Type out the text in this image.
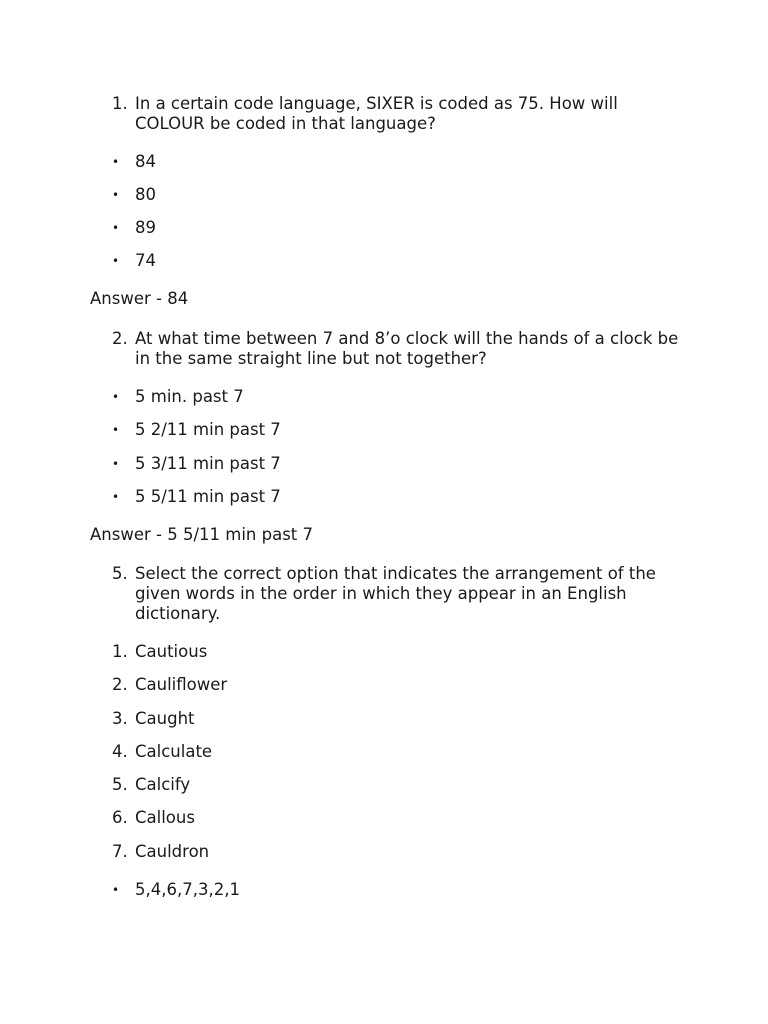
1. In a certain code language, SIXER is coded as 75. How will COLOUR be coded in that language?
• 84
• 80
• 89
• 74
Answer - 84
2. At what time between 7 and 8’o clock will the hands of a clock be in the same straight line but not together?
• 5 min. past 7
• 5 2/11 min past 7
• 5 3/11 min past 7
• 5 5/11 min past 7
Answer - 5 5/11 min past 7
5. Select the correct option that indicates the arrangement of the given words in the order in which they appear in an English dictionary.
1. Cautious
2. Cauliflower
3. Caught
4. Calculate
5. Calcify
6. Callous
7. Cauldron
• 5,4,6,7,3,2,1
